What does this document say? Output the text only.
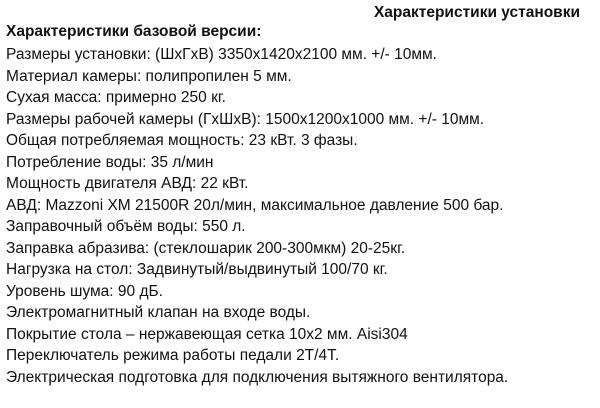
Характеристики установки
Характеристики базовой версии:
Размеры установки: (ШхГхВ) 3350х1420х2100 мм. +/- 10мм.
Материал камеры: полипропилен 5 мм.
Сухая масса: примерно 250 кг.
Размеры рабочей камеры (ГхШхВ): 1500х1200х1000 мм. +/- 10мм.
Общая потребляемая мощность: 23 кВт. 3 фазы.
Потребление воды: 35 л/мин
Мощность двигателя АВД: 22 кВт.
АВД: Mazzoni XM 21500R 20л/мин, максимальное давление 500 бар.
Заправочный объём воды: 550 л.
Заправка абразива: (стеклошарик 200-300мкм) 20-25кг.
Нагрузка на стол: Задвинутый/выдвинутый 100/70 кг.
Уровень шума: 90 дБ.
Электромагнитный клапан на входе воды.
Покрытие стола – нержавеющая сетка 10х2 мм. Aisi304
Переключатель режима работы педали 2Т/4Т.
Электрическая подготовка для подключения вытяжного вентилятора.
